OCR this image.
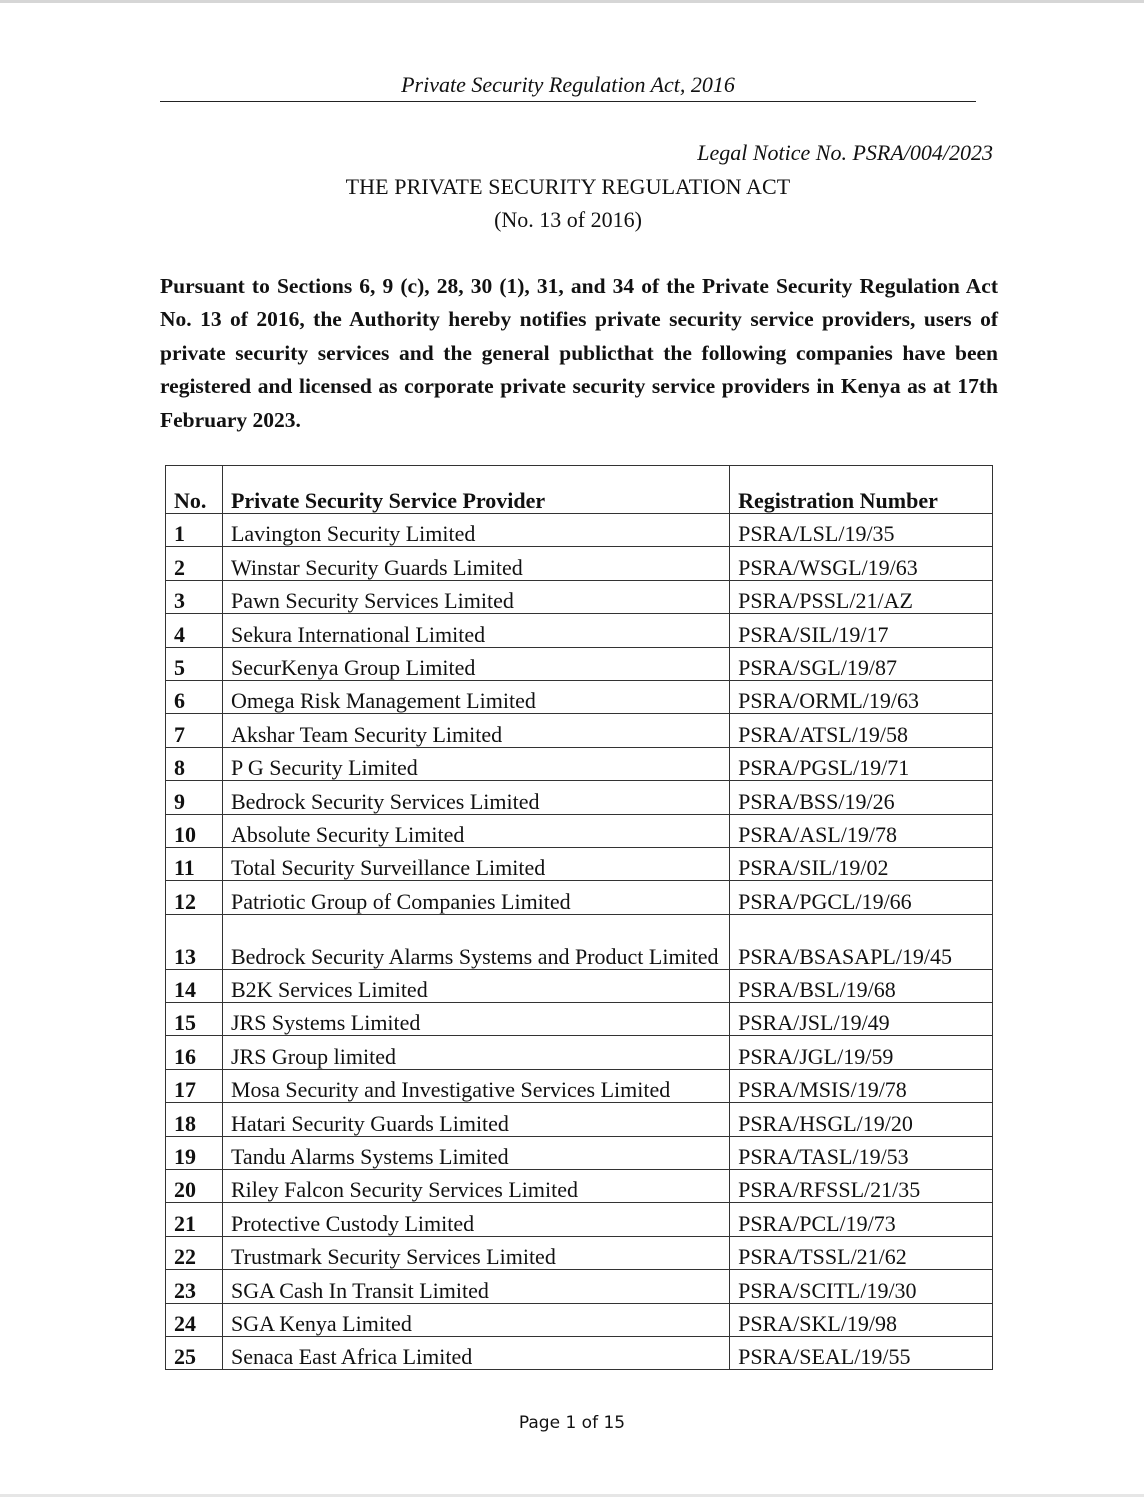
Private Security Regulation Act, 2016
Legal Notice No. PSRA/004/2023
THE PRIVATE SECURITY REGULATION ACT
(No. 13 of 2016)

Pursuant to Sections 6, 9 (c), 28, 30 (1), 31, and 34 of the Private Security Regulation Act No. 13 of 2016, the Authority hereby notifies private security service providers, users of private security services and the general publicthat the following companies have been registered and licensed as corporate private security service providers in Kenya as at 17th February 2023.

No.	Private Security Service Provider	Registration Number
1	Lavington Security Limited	PSRA/LSL/19/35
2	Winstar Security Guards Limited	PSRA/WSGL/19/63
3	Pawn Security Services Limited	PSRA/PSSL/21/AZ
4	Sekura International Limited	PSRA/SIL/19/17
5	SecurKenya Group Limited	PSRA/SGL/19/87
6	Omega Risk Management Limited	PSRA/ORML/19/63
7	Akshar Team Security Limited	PSRA/ATSL/19/58
8	P G Security Limited	PSRA/PGSL/19/71
9	Bedrock Security Services Limited	PSRA/BSS/19/26
10	Absolute Security Limited	PSRA/ASL/19/78
11	Total Security Surveillance Limited	PSRA/SIL/19/02
12	Patriotic Group of Companies Limited	PSRA/PGCL/19/66
13	Bedrock Security Alarms Systems and Product Limited	PSRA/BSASAPL/19/45
14	B2K Services Limited	PSRA/BSL/19/68
15	JRS Systems Limited	PSRA/JSL/19/49
16	JRS Group limited	PSRA/JGL/19/59
17	Mosa Security and Investigative Services Limited	PSRA/MSIS/19/78
18	Hatari Security Guards Limited	PSRA/HSGL/19/20
19	Tandu Alarms Systems Limited	PSRA/TASL/19/53
20	Riley Falcon Security Services Limited	PSRA/RFSSL/21/35
21	Protective Custody Limited	PSRA/PCL/19/73
22	Trustmark Security Services Limited	PSRA/TSSL/21/62
23	SGA Cash In Transit Limited	PSRA/SCITL/19/30
24	SGA Kenya Limited	PSRA/SKL/19/98
25	Senaca East Africa Limited	PSRA/SEAL/19/55
Page 1 of 15
